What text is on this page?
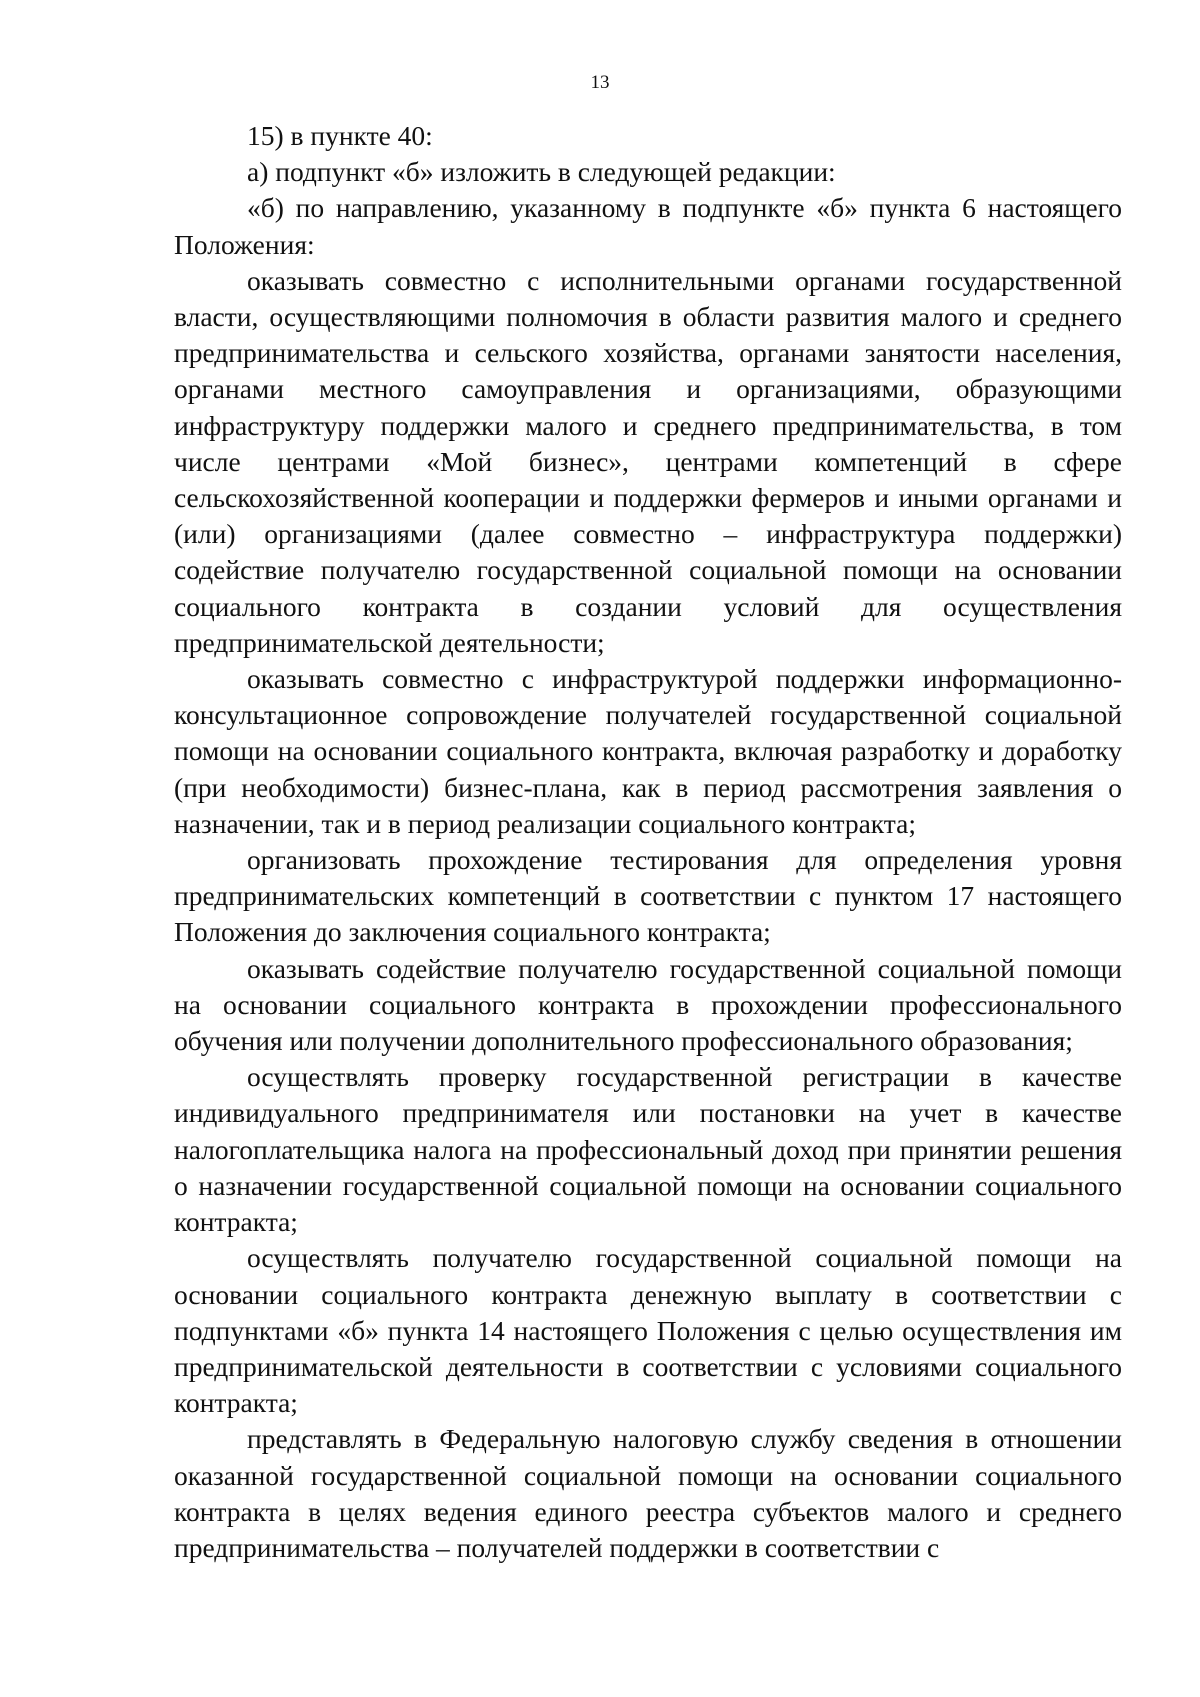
13

15) в пункте 40:

а) подпункт «б» изложить в следующей редакции:

«б) по направлению, указанному в подпункте «б» пункта 6 настоящего Положения:

оказывать совместно с исполнительными органами государственной власти, осуществляющими полномочия в области развития малого и среднего предпринимательства и сельского хозяйства, органами занятости населения, органами местного самоуправления и организациями, образующими инфраструктуру поддержки малого и среднего предпринимательства, в том числе центрами «Мой бизнес», центрами компетенций в сфере сельскохозяйственной кооперации и поддержки фермеров и иными органами и (или) организациями (далее совместно – инфраструктура поддержки) содействие получателю государственной социальной помощи на основании социального контракта в создании условий для осуществления предпринимательской деятельности;

оказывать совместно с инфраструктурой поддержки информационно-консультационное сопровождение получателей государственной социальной помощи на основании социального контракта, включая разработку и доработку (при необходимости) бизнес-плана, как в период рассмотрения заявления о назначении, так и в период реализации социального контракта;

организовать прохождение тестирования для определения уровня предпринимательских компетенций в соответствии с пунктом 17 настоящего Положения до заключения социального контракта;

оказывать содействие получателю государственной социальной помощи на основании социального контракта в прохождении профессионального обучения или получении дополнительного профессионального образования;

осуществлять проверку государственной регистрации в качестве индивидуального предпринимателя или постановки на учет в качестве налогоплательщика налога на профессиональный доход при принятии решения о назначении государственной социальной помощи на основании социального контракта;

осуществлять получателю государственной социальной помощи на основании социального контракта денежную выплату в соответствии с подпунктами «б» пункта 14 настоящего Положения с целью осуществления им предпринимательской деятельности в соответствии с условиями социального контракта;

представлять в Федеральную налоговую службу сведения в отношении оказанной государственной социальной помощи на основании социального контракта в целях ведения единого реестра субъектов малого и среднего предпринимательства – получателей поддержки в соответствии с
